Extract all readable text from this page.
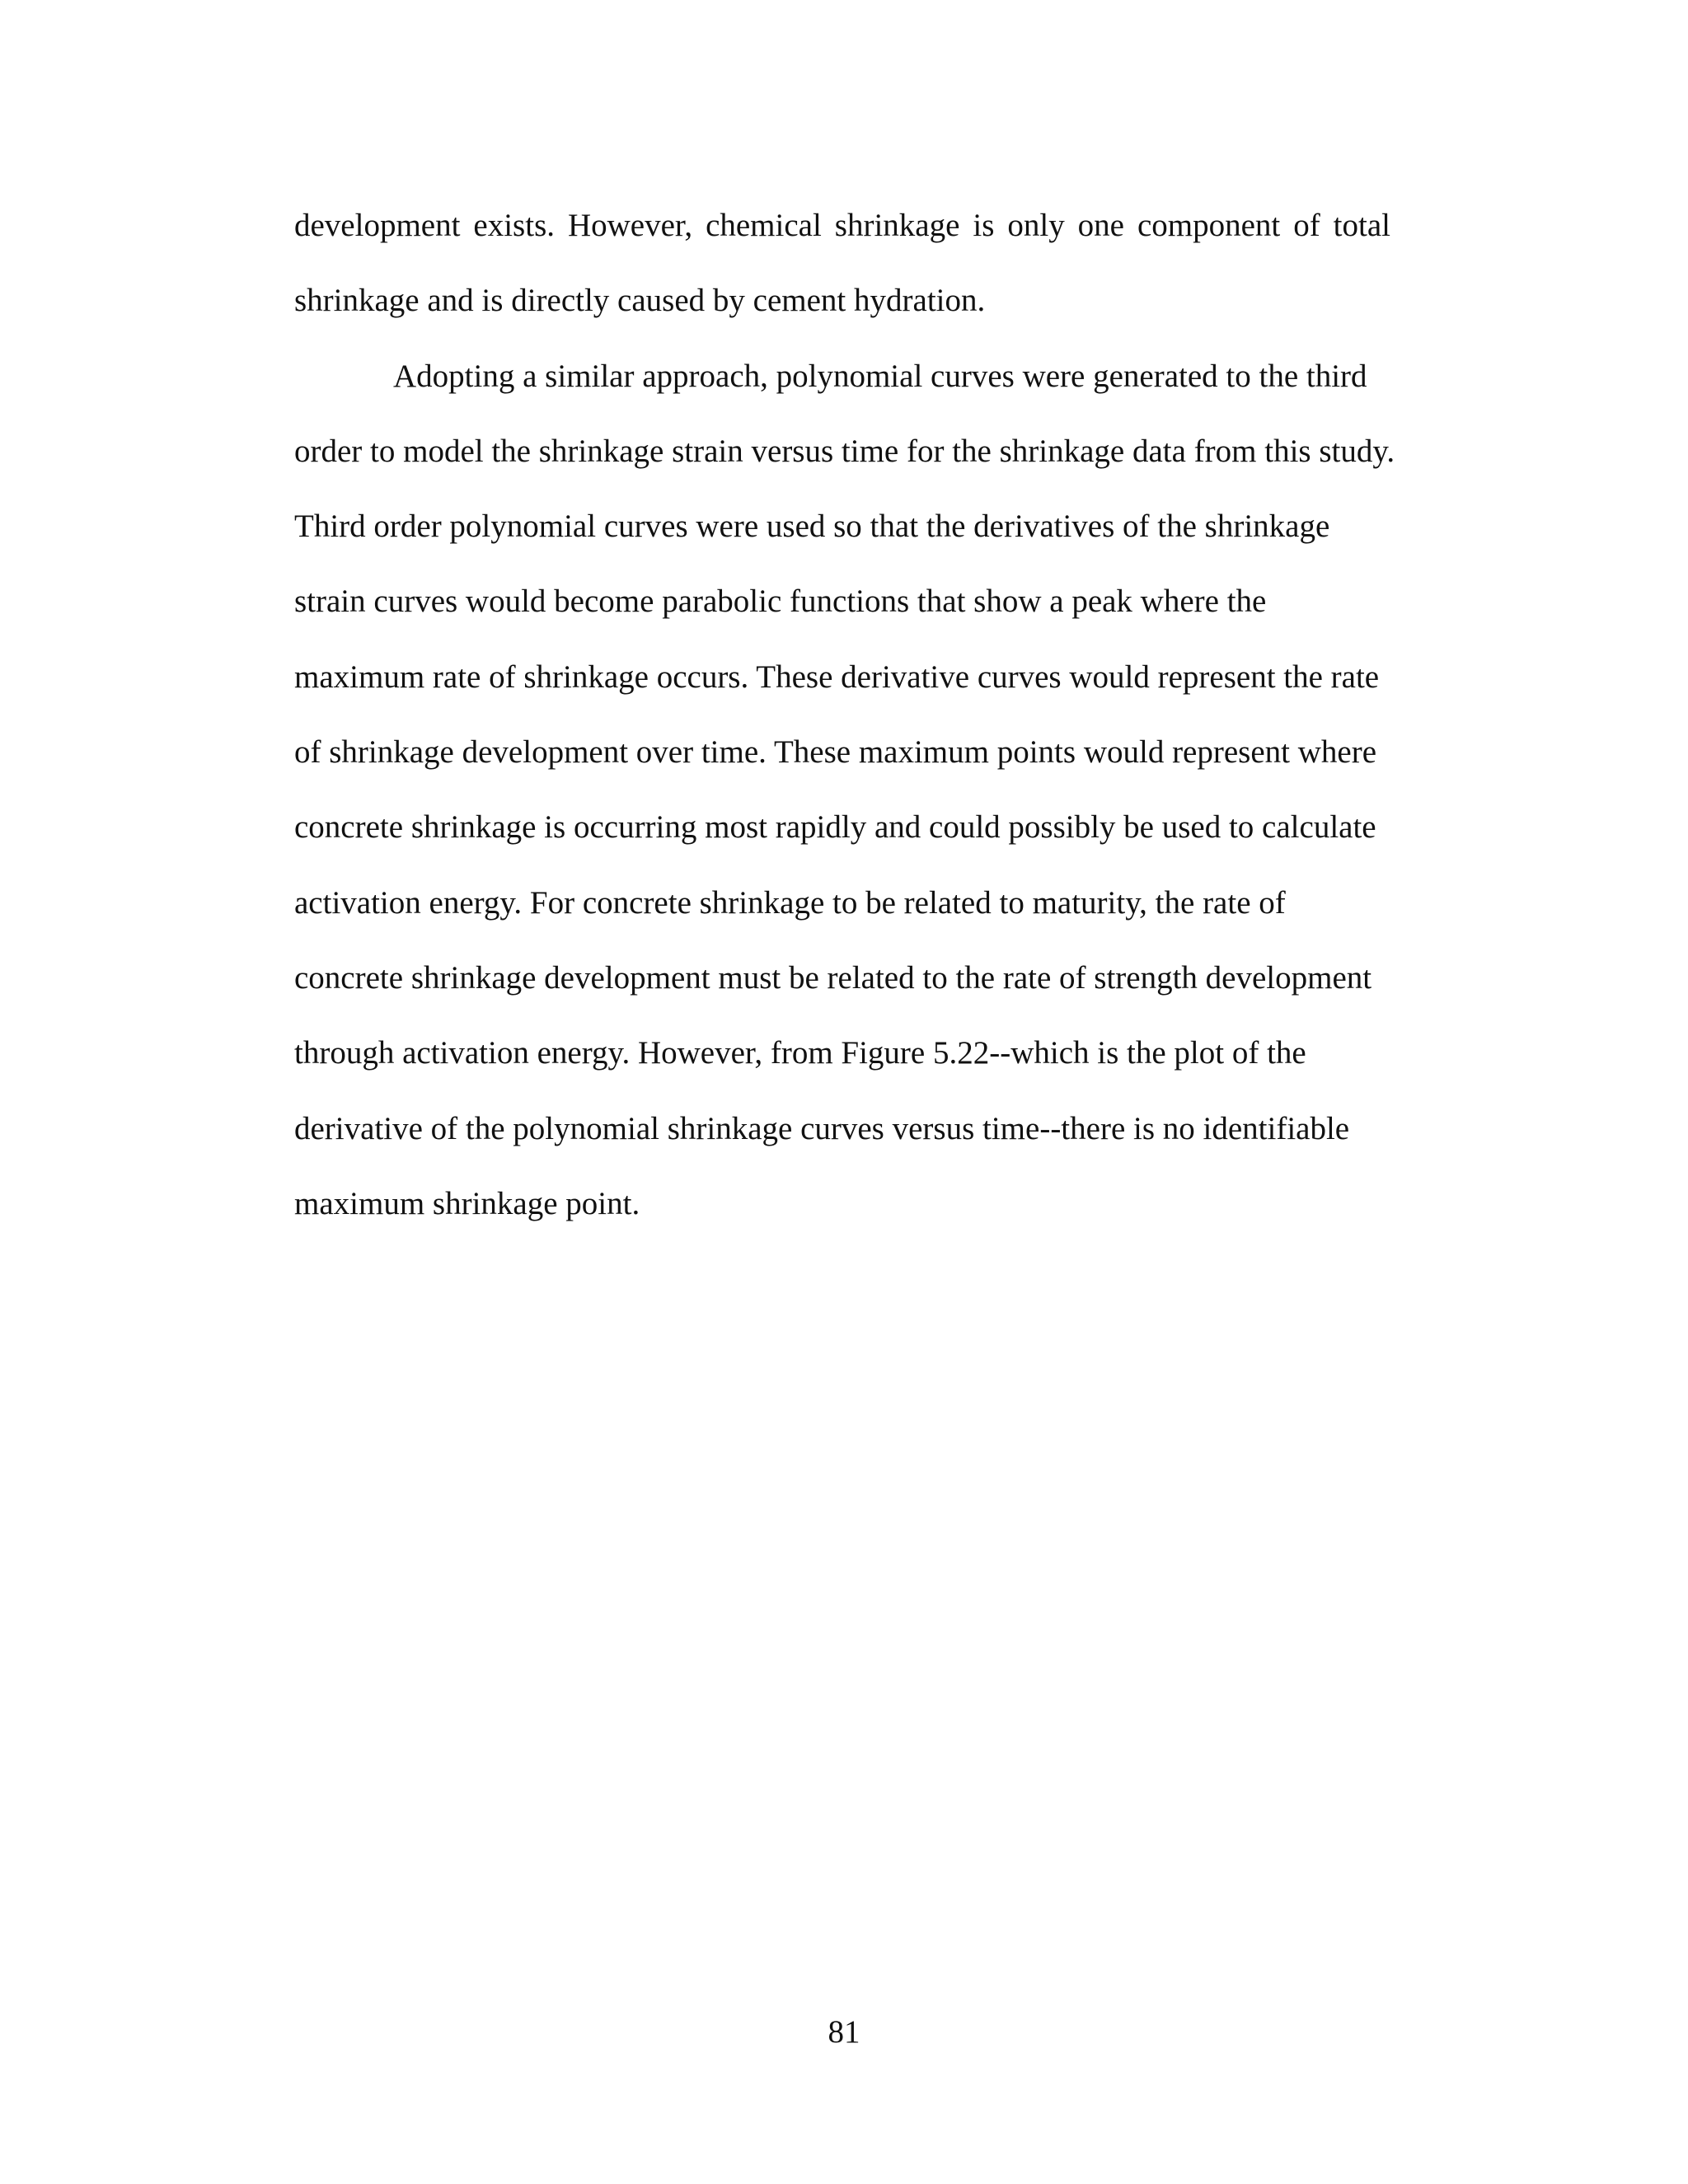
development exists. However, chemical shrinkage is only one component of total
shrinkage and is directly caused by cement hydration.
Adopting a similar approach, polynomial curves were generated to the third
order to model the shrinkage strain versus time for the shrinkage data from this study.
Third order polynomial curves were used so that the derivatives of the shrinkage
strain curves would become parabolic functions that show a peak where the
maximum rate of shrinkage occurs. These derivative curves would represent the rate
of shrinkage development over time. These maximum points would represent where
concrete shrinkage is occurring most rapidly and could possibly be used to calculate
activation energy. For concrete shrinkage to be related to maturity, the rate of
concrete shrinkage development must be related to the rate of strength development
through activation energy. However, from Figure 5.22--which is the plot of the
derivative of the polynomial shrinkage curves versus time--there is no identifiable
maximum shrinkage point.
81
